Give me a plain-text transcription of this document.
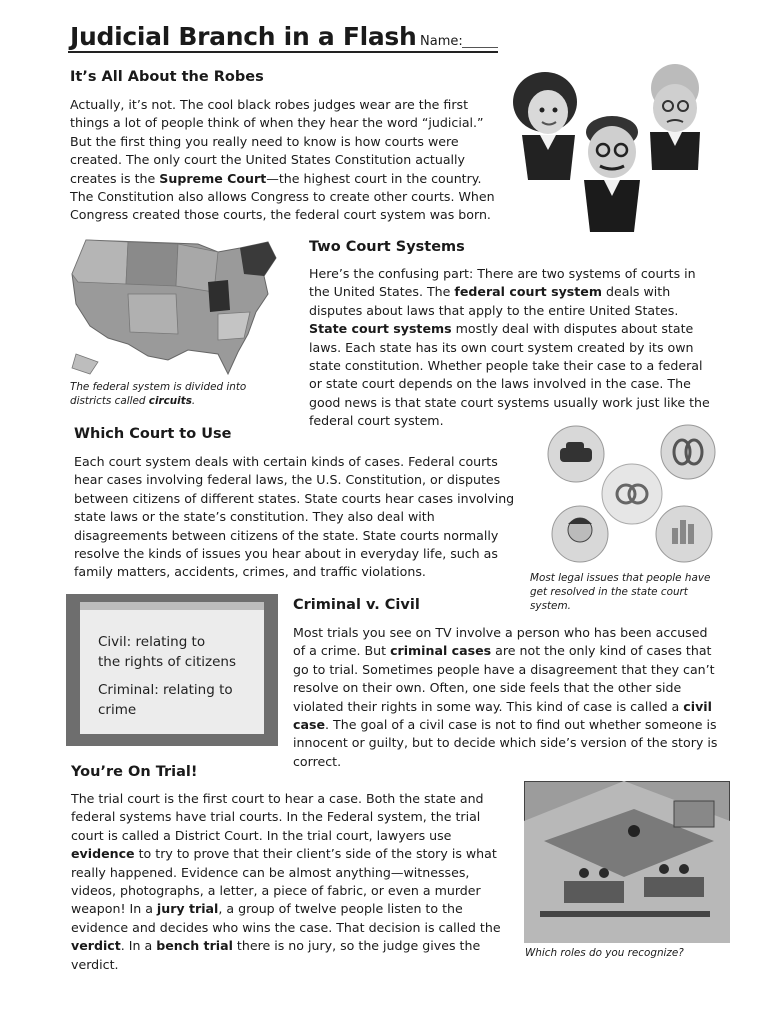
Judicial Branch in a Flash Name:
It’s All About the Robes

Actually, it’s not. The cool black robes judges wear are the first things a lot of people think of when they hear the word “judicial.” But the first thing you really need to know is how courts were created. The only court the United States Constitution actually creates is the Supreme Court—the highest court in the country. The Constitution also allows Congress to create other courts. When Congress created those courts, the federal court system was born.

The federal system is divided into districts called circuits.

Two Court Systems

Here’s the confusing part: There are two systems of courts in the United States. The federal court system deals with disputes about laws that apply to the entire United States. State court systems mostly deal with disputes about state laws. Each state has its own court system created by its own state constitution. Whether people take their case to a federal or state court depends on the laws involved in the case. The good news is that state court systems usually work just like the federal court system.

Which Court to Use

Each court system deals with certain kinds of cases. Federal courts hear cases involving federal laws, the U.S. Constitution, or disputes between citizens of different states. State courts hear cases involving state laws or the state’s constitution. They also deal with disagreements between citizens of the state. State courts normally resolve the kinds of issues you hear about in everyday life, such as family matters, accidents, crimes, and traffic violations.	Most legal issues that people have get resolved in the state court system.

Civil: relating to
the rights of citizens
Criminal: relating to
crime
Criminal v. Civil

Most trials you see on TV involve a person who has been accused of a crime. But criminal cases are not the only kind of cases that go to trial. Sometimes people have a disagreement that they can’t resolve on their own. Often, one side feels that the other side violated their rights in some way. This kind of case is called a civil case. The goal of a civil case is not to find out whether someone is innocent or guilty, but to decide which side’s version of the story is correct.

You’re On Trial!

The trial court is the first court to hear a case. Both the state and federal systems have trial courts. In the Federal system, the trial court is called a District Court. In the trial court, lawyers use evidence to try to prove that their client’s side of the story is what really happened. Evidence can be almost anything—witnesses, videos, photographs, a letter, a piece of fabric, or even a murder weapon! In a jury trial, a group of twelve people listen to the evidence and decides who wins the case. That decision is called the verdict. In a bench trial there is no jury, so the judge gives the verdict.

Which roles do you recognize?
